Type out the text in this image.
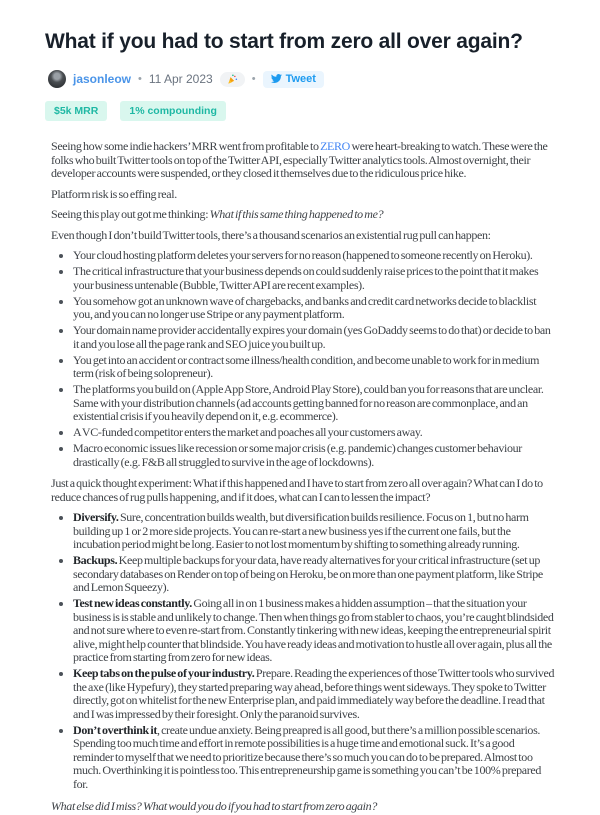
What if you had to start from zero all over again?
jasonleow • 11 Apr 2023	•	Tweet
$5k MRR	1% compounding

Seeing how some indie hackers’ MRR went from profitable to ZERO were heart-breaking to watch. These were the folks who built Twitter tools on top of the Twitter API, especially Twitter analytics tools. Almost overnight, their developer accounts were suspended, or they closed it themselves due to the ridiculous price hike.

Platform risk is so effing real.

Seeing this play out got me thinking: What if this same thing happened to me?

Even though I don’t build Twitter tools, there’s a thousand scenarios an existential rug pull can happen:

• Your cloud hosting platform deletes your servers for no reason (happened to someone recently on Heroku).
• The critical infrastructure that your business depends on could suddenly raise prices to the point that it makes your business untenable (Bubble, Twitter API are recent examples).
• You somehow got an unknown wave of chargebacks, and banks and credit card networks decide to blacklist you, and you can no longer use Stripe or any payment platform.
• Your domain name provider accidentally expires your domain (yes GoDaddy seems to do that) or decide to ban it and you lose all the page rank and SEO juice you built up.
• You get into an accident or contract some illness/health condition, and become unable to work for in medium term (risk of being solopreneur).
• The platforms you build on (Apple App Store, Android Play Store), could ban you for reasons that are unclear. Same with your distribution channels (ad accounts getting banned for no reason are commonplace, and an existential crisis if you heavily depend on it, e.g. ecommerce).
• A VC-funded competitor enters the market and poaches all your customers away.
• Macro economic issues like recession or some major crisis (e.g. pandemic) changes customer behaviour drastically (e.g. F&B all struggled to survive in the age of lockdowns).

Just a quick thought experiment: What if this happened and I have to start from zero all over again? What can I do to reduce chances of rug pulls happening, and if it does, what can I can to lessen the impact?

• Diversify. Sure, concentration builds wealth, but diversification builds resilience. Focus on 1, but no harm building up 1 or 2 more side projects. You can re-start a new business yes if the current one fails, but the incubation period might be long. Easier to not lost momentum by shifting to something already running.
• Backups. Keep multiple backups for your data, have ready alternatives for your critical infrastructure (set up secondary databases on Render on top of being on Heroku, be on more than one payment platform, like Stripe and Lemon Squeezy).
• Test new ideas constantly. Going all in on 1 business makes a hidden assumption – that the situation your business is is stable and unlikely to change. Then when things go from stabler to chaos, you’re caught blindsided and not sure where to even re-start from. Constantly tinkering with new ideas, keeping the entrepreneurial spirit alive, might help counter that blindside. You have ready ideas and motivation to hustle all over again, plus all the practice from starting from zero for new ideas.
• Keep tabs on the pulse of your industry. Prepare. Reading the experiences of those Twitter tools who survived the axe (like Hypefury), they started preparing way ahead, before things went sideways. They spoke to Twitter directly, got on whitelist for the new Enterprise plan, and paid immediately way before the deadline. I read that and I was impressed by their foresight. Only the paranoid survives.
• Don’t overthink it, create undue anxiety. Being preapred is all good, but there’s a million possible scenarios. Spending too much time and effort in remote possibilities is a huge time and emotional suck. It’s a good reminder to myself that we need to prioritize because there’s so much you can do to be prepared. Almost too much. Overthinking it is pointless too. This entrepreneurship game is something you can’t be 100% prepared for.

What else did I miss? What would you do if you had to start from zero again?
